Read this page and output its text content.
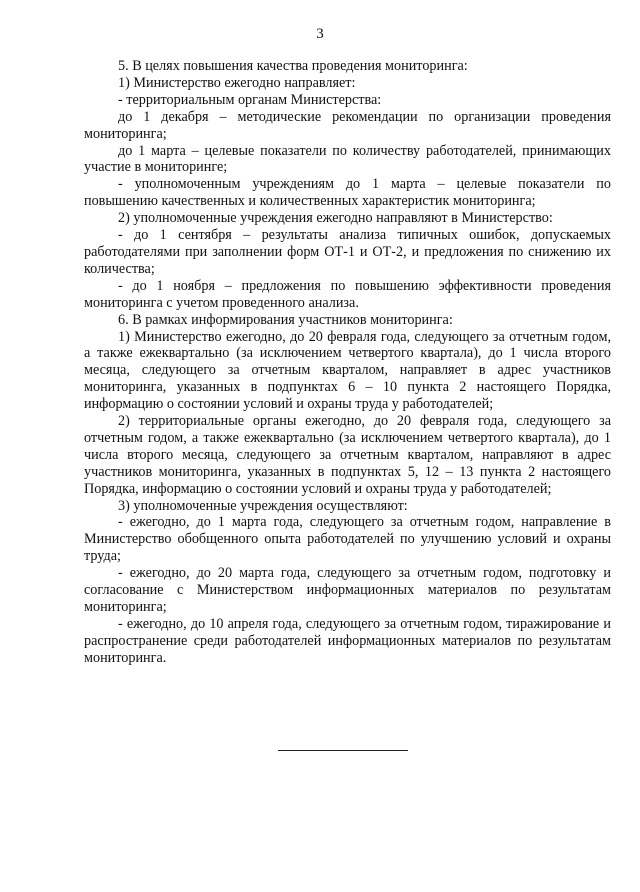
3

5. В целях повышения качества проведения мониторинга:

1) Министерство ежегодно направляет:

- территориальным органам Министерства:

до 1 декабря – методические рекомендации по организации проведения мониторинга;

до 1 марта – целевые показатели по количеству работодателей, принимающих участие в мониторинге;

- уполномоченным учреждениям до 1 марта – целевые показатели по повышению качественных и количественных характеристик мониторинга;

2) уполномоченные учреждения ежегодно направляют в Министерство:

- до 1 сентября – результаты анализа типичных ошибок, допускаемых работодателями при заполнении форм ОТ-1 и ОТ-2, и предложения по снижению их количества;

- до 1 ноября – предложения по повышению эффективности проведения мониторинга с учетом проведенного анализа.

6. В рамках информирования участников мониторинга:

1) Министерство ежегодно, до 20 февраля года, следующего за отчетным годом, а также ежеквартально (за исключением четвертого квартала), до 1 числа второго месяца, следующего за отчетным кварталом, направляет в адрес участников мониторинга, указанных в подпунктах 6 – 10 пункта 2 настоящего Порядка, информацию о состоянии условий и охраны труда у работодателей;

2) территориальные органы ежегодно, до 20 февраля года, следующего за отчетным годом, а также ежеквартально (за исключением четвертого квартала), до 1 числа второго месяца, следующего за отчетным кварталом, направляют в адрес участников мониторинга, указанных в подпунктах 5, 12 – 13 пункта 2 настоящего Порядка, информацию о состоянии условий и охраны труда у работодателей;

3) уполномоченные учреждения осуществляют:

- ежегодно, до 1 марта года, следующего за отчетным годом, направление в Министерство обобщенного опыта работодателей по улучшению условий и охраны труда;

- ежегодно, до 20 марта года, следующего за отчетным годом, подготовку и согласование с Министерством информационных материалов по результатам мониторинга;

- ежегодно, до 10 апреля года, следующего за отчетным годом, тиражирование и распространение среди работодателей информационных материалов по результатам мониторинга.
